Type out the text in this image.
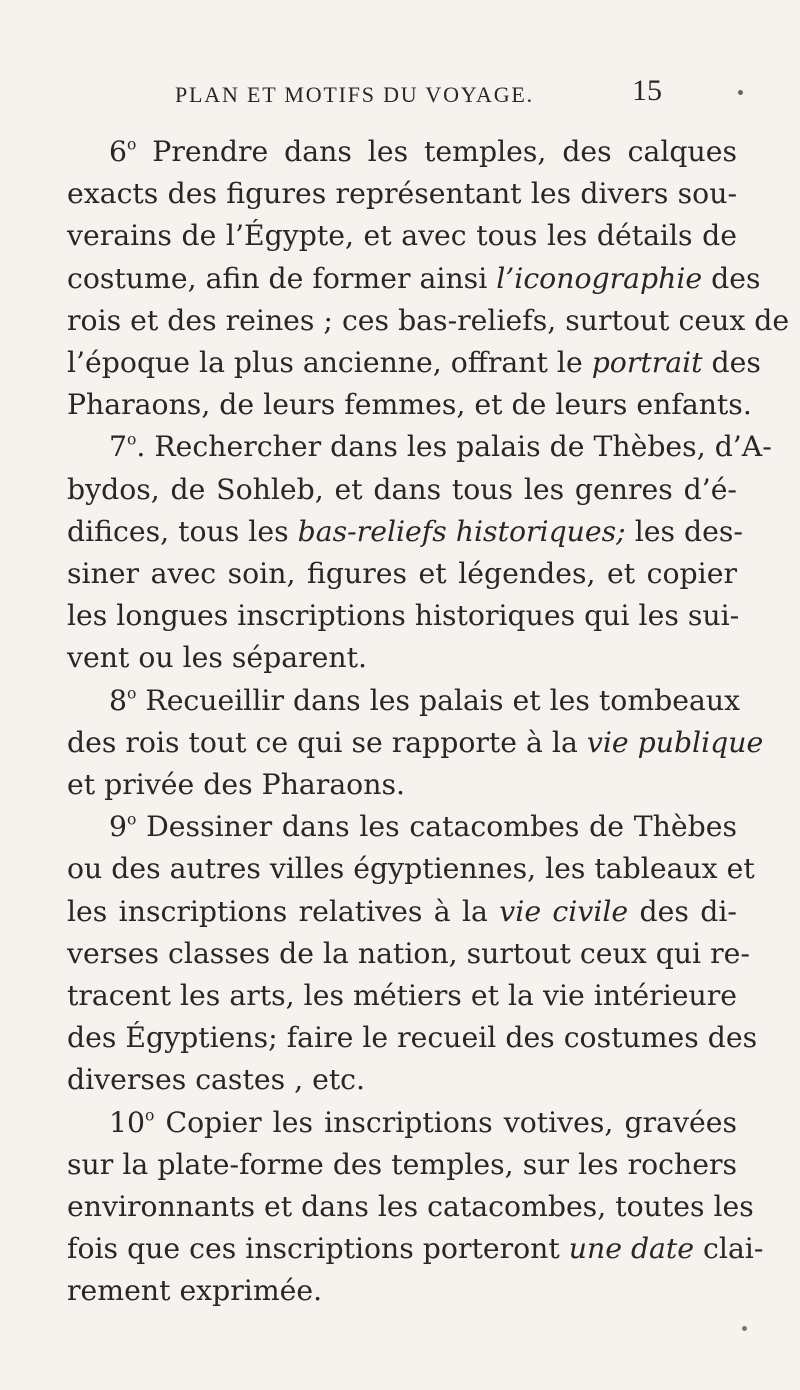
PLAN ET MOTIFS DU VOYAGE.	15
6$^o$ Prendre dans les temples, des calques
exacts des figures représentant les divers sou-
verains de l’Égypte, et avec tous les détails de
costume, afin de former ainsi l’iconographie des
rois et des reines ; ces bas-reliefs, surtout ceux de
l’époque la plus ancienne, offrant le portrait des
Pharaons, de leurs femmes, et de leurs enfants.
7$^o$. Rechercher dans les palais de Thèbes, d’A-
bydos, de Sohleb, et dans tous les genres d’é-
difices, tous les bas-reliefs historiques; les des-
siner avec soin, figures et légendes, et copier
les longues inscriptions historiques qui les sui-
vent ou les séparent.
8$^o$ Recueillir dans les palais et les tombeaux
des rois tout ce qui se rapporte à la vie publique
et privée des Pharaons.
9$^o$ Dessiner dans les catacombes de Thèbes
ou des autres villes égyptiennes, les tableaux et
les inscriptions relatives à la vie civile des di-
verses classes de la nation, surtout ceux qui re-
tracent les arts, les métiers et la vie intérieure
des Égyptiens; faire le recueil des costumes des
diverses castes , etc.
10$^o$ Copier les inscriptions votives, gravées
sur la plate-forme des temples, sur les rochers
environnants et dans les catacombes, toutes les
fois que ces inscriptions porteront une date clai-
rement exprimée.
